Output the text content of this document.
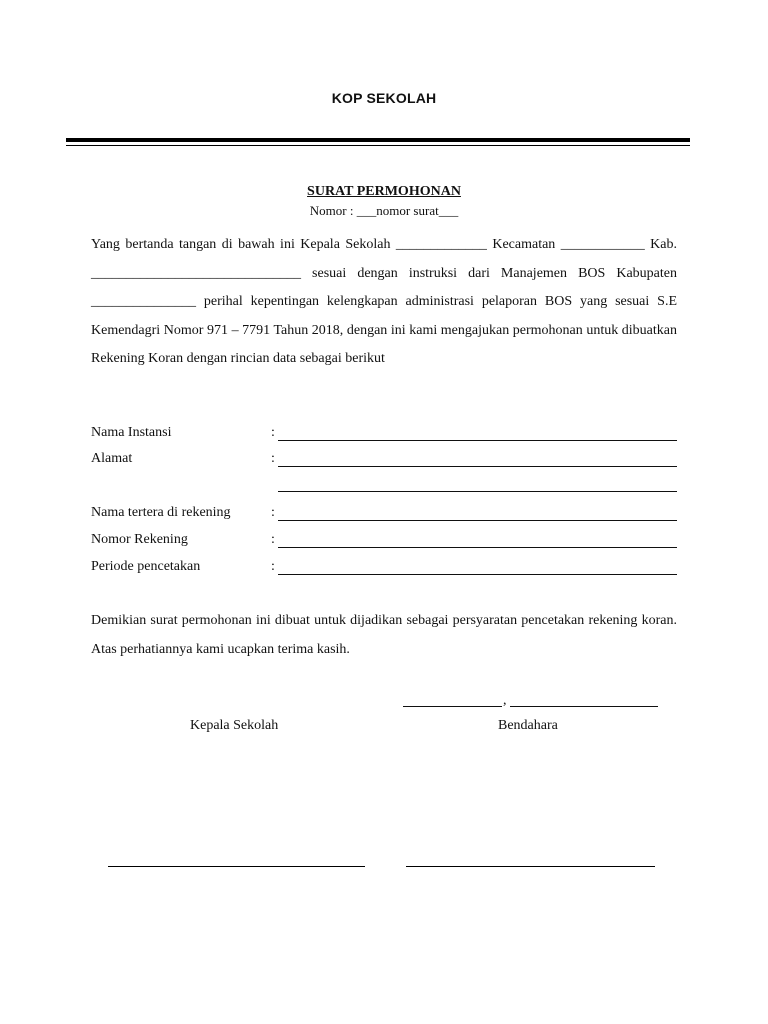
KOP SEKOLAH
SURAT PERMOHONAN
Nomor : ___nomor surat___

Yang bertanda tangan di bawah ini Kepala Sekolah _____________ Kecamatan ____________ Kab. ______________________________ sesuai dengan instruksi dari Manajemen BOS Kabupaten _______________ perihal kepentingan kelengkapan administrasi pelaporan BOS yang sesuai S.E Kemendagri Nomor 971 – 7791 Tahun 2018, dengan ini kami mengajukan permohonan untuk dibuatkan Rekening Koran dengan rincian data sebagai berikut

Nama Instansi	:
Alamat	:
Nama tertera di rekening	:
Nomor Rekening	:
Periode pencetakan	:

Demikian surat permohonan ini dibuat untuk dijadikan sebagai persyaratan pencetakan rekening koran. Atas perhatiannya kami ucapkan terima kasih.

,
Kepala Sekolah	Bendahara
